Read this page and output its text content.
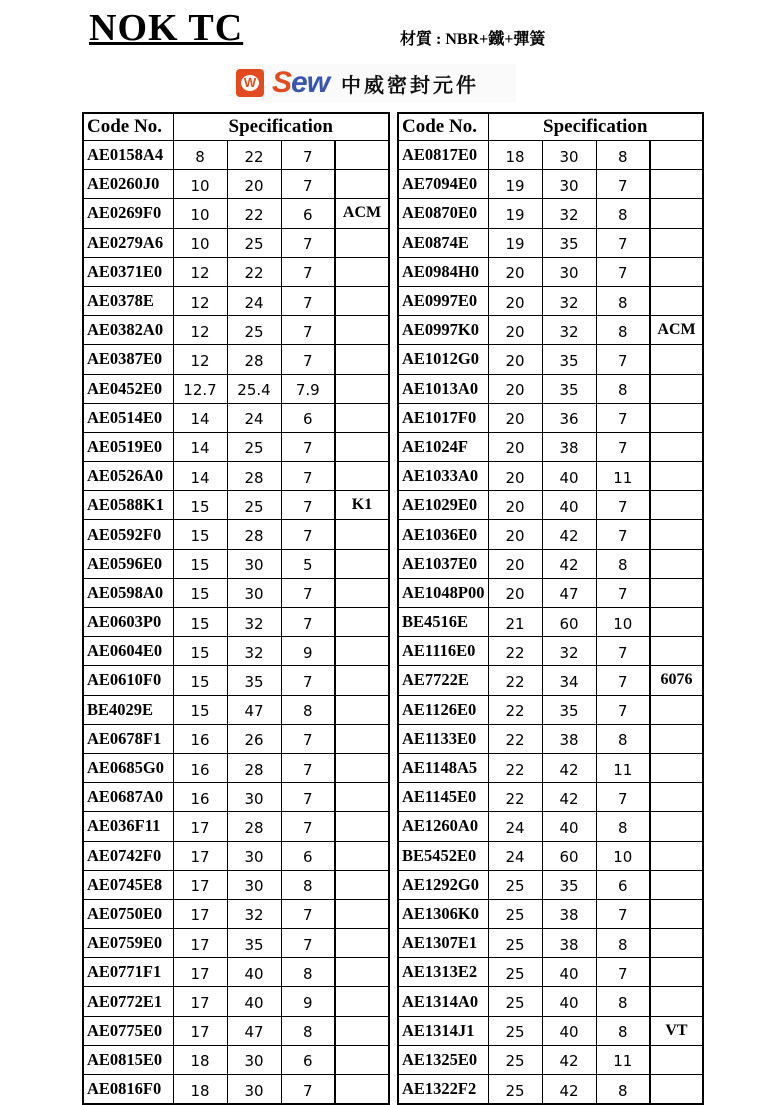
NOK TC	材質 : NBR+鐵+彈簧
W Sew 中威密封元件
Code No.	Specification			
AE0158A4	8	22	7	
AE0260J0	10	20	7	
AE0269F0	10	22	6	ACM
AE0279A6	10	25	7	
AE0371E0	12	22	7	
AE0378E	12	24	7	
AE0382A0	12	25	7	
AE0387E0	12	28	7	
AE0452E0	12.7	25.4	7.9	
AE0514E0	14	24	6	
AE0519E0	14	25	7	
AE0526A0	14	28	7	
AE0588K1	15	25	7	K1
AE0592F0	15	28	7	
AE0596E0	15	30	5	
AE0598A0	15	30	7	
AE0603P0	15	32	7	
AE0604E0	15	32	9	
AE0610F0	15	35	7	
BE4029E	15	47	8	
AE0678F1	16	26	7	
AE0685G0	16	28	7	
AE0687A0	16	30	7	
AE036F11	17	28	7	
AE0742F0	17	30	6	
AE0745E8	17	30	8	
AE0750E0	17	32	7	
AE0759E0	17	35	7	
AE0771F1	17	40	8	
AE0772E1	17	40	9	
AE0775E0	17	47	8	
AE0815E0	18	30	6	
AE0816F0	18	30	7	
Code No.	Specification			
AE0817E0	18	30	8	
AE7094E0	19	30	7	
AE0870E0	19	32	8	
AE0874E	19	35	7	
AE0984H0	20	30	7	
AE0997E0	20	32	8	
AE0997K0	20	32	8	ACM
AE1012G0	20	35	7	
AE1013A0	20	35	8	
AE1017F0	20	36	7	
AE1024F	20	38	7	
AE1033A0	20	40	11	
AE1029E0	20	40	7	
AE1036E0	20	42	7	
AE1037E0	20	42	8	
AE1048P00	20	47	7	
BE4516E	21	60	10	
AE1116E0	22	32	7	
AE7722E	22	34	7	6076
AE1126E0	22	35	7	
AE1133E0	22	38	8	
AE1148A5	22	42	11	
AE1145E0	22	42	7	
AE1260A0	24	40	8	
BE5452E0	24	60	10	
AE1292G0	25	35	6	
AE1306K0	25	38	7	
AE1307E1	25	38	8	
AE1313E2	25	40	7	
AE1314A0	25	40	8	
AE1314J1	25	40	8	VT
AE1325E0	25	42	11	
AE1322F2	25	42	8	
